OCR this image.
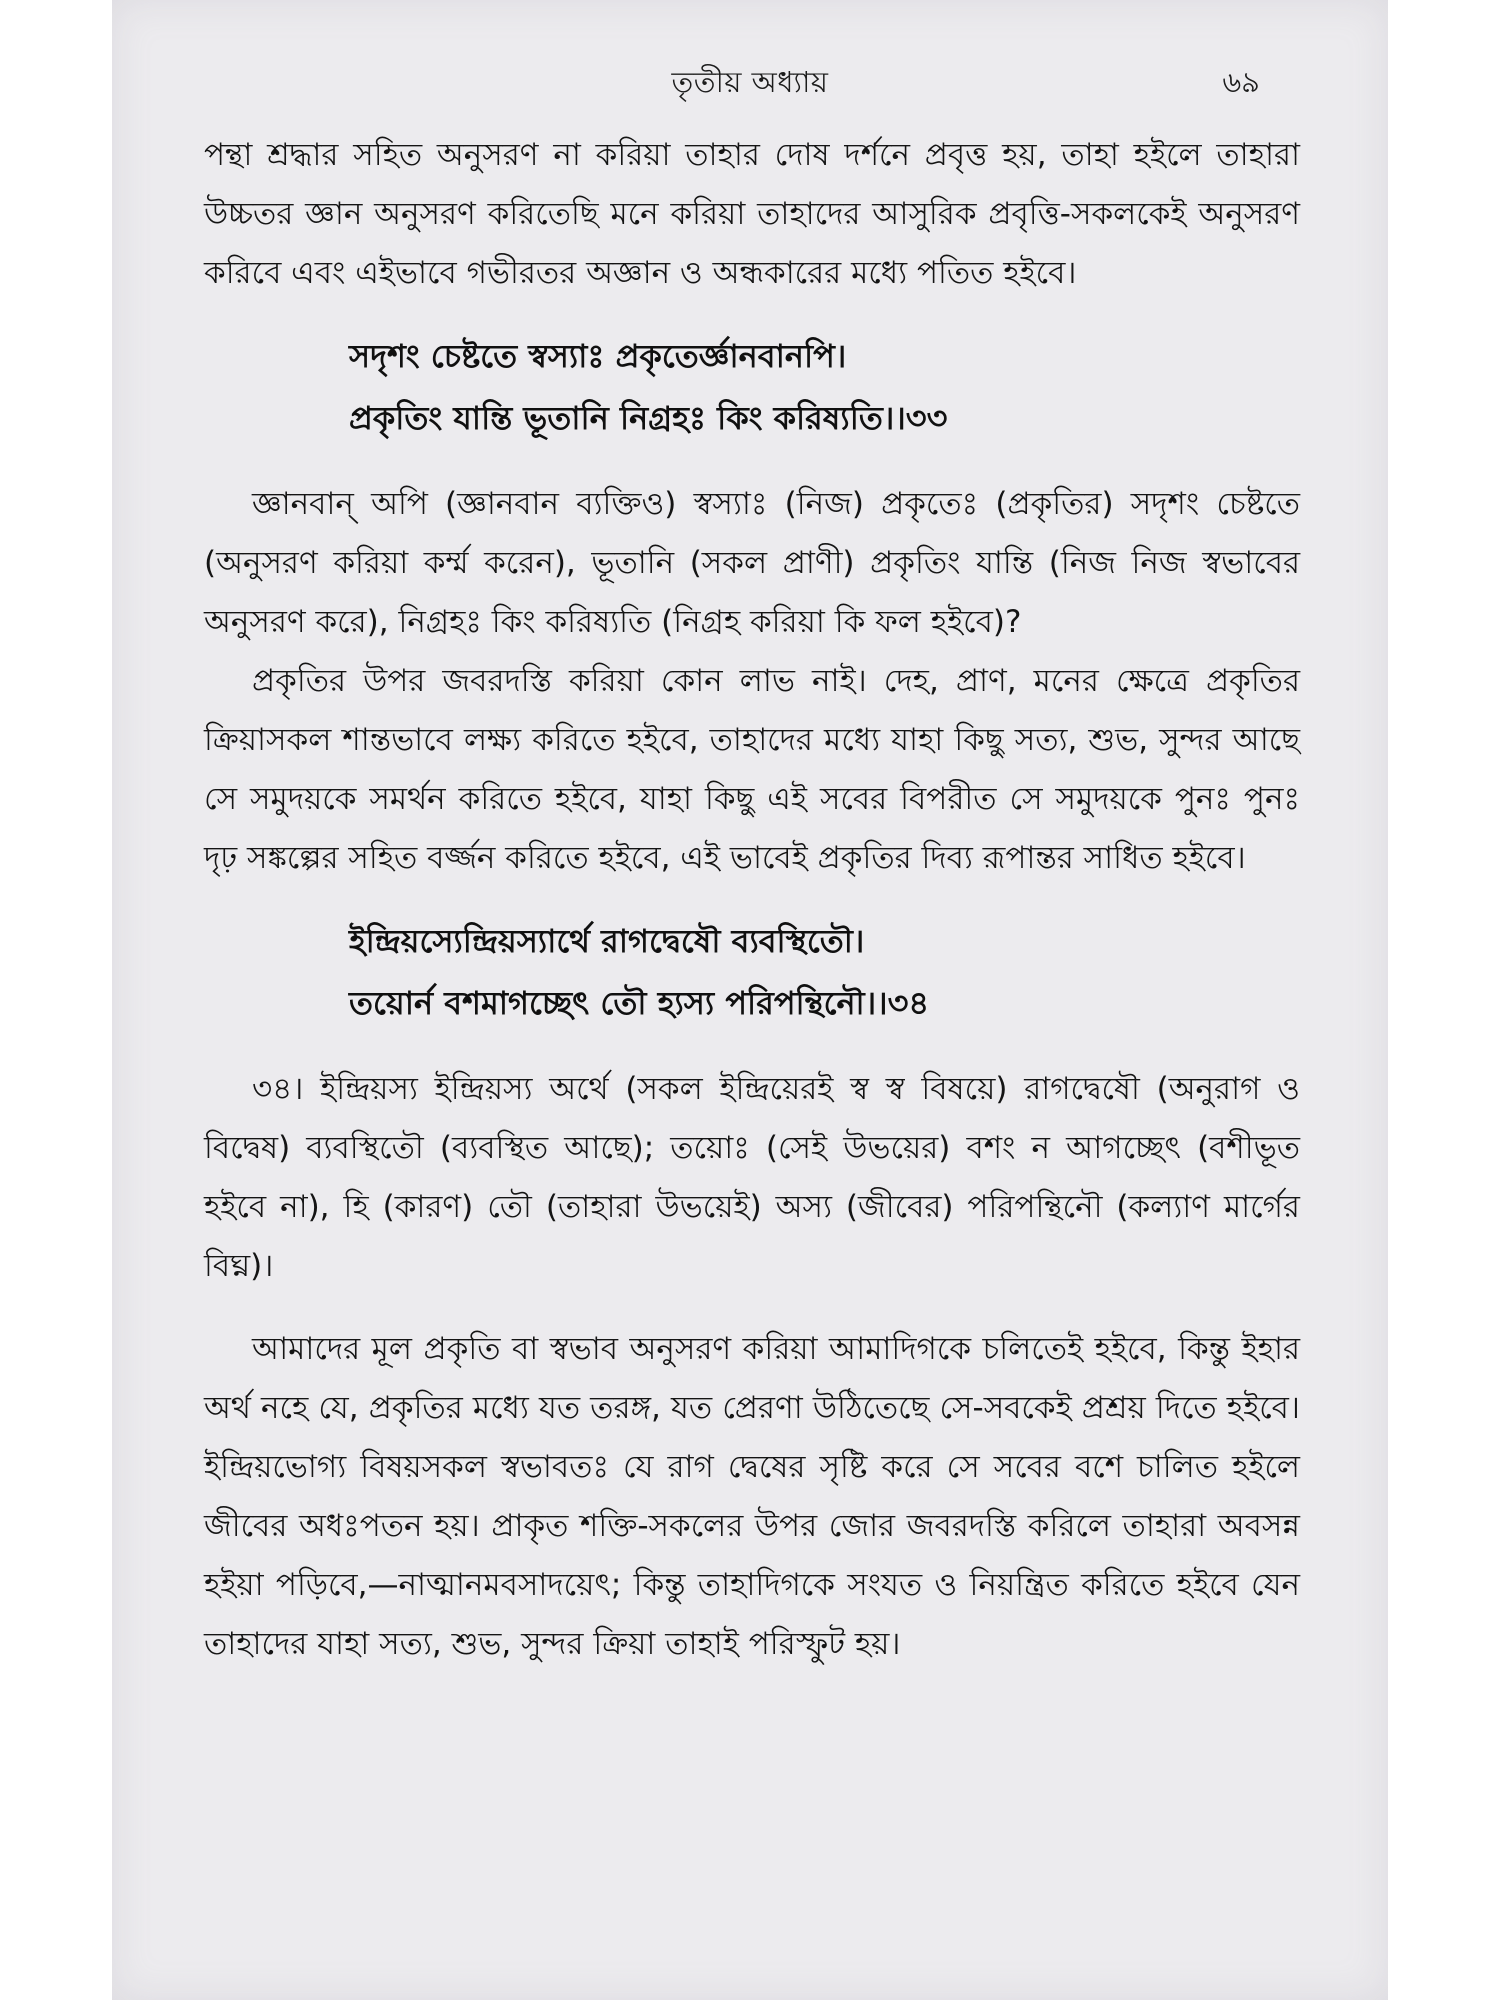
তৃতীয় অধ্যায়	৬৯

পন্থা শ্রদ্ধার সহিত অনুসরণ না করিয়া তাহার দোষ দর্শনে প্রবৃত্ত হয়, তাহা হইলে তাহারা উচ্চতর জ্ঞান অনুসরণ করিতেছি মনে করিয়া তাহাদের আসুরিক প্রবৃত্তি-সকলকেই অনুসরণ করিবে এবং এইভাবে গভীরতর অজ্ঞান ও অন্ধকারের মধ্যে পতিত হইবে।

সদৃশং চেষ্টতে স্বস্যাঃ প্রকৃতের্জ্ঞানবানপি।
প্রকৃতিং যান্তি ভূতানি নিগ্রহঃ কিং করিষ্যতি।।৩৩

জ্ঞানবান্ অপি (জ্ঞানবান ব্যক্তিও) স্বস্যাঃ (নিজ) প্রকৃতেঃ (প্রকৃতির) সদৃশং চেষ্টতে (অনুসরণ করিয়া কর্ম্ম করেন), ভূতানি (সকল প্রাণী) প্রকৃতিং যান্তি (নিজ নিজ স্বভাবের অনুসরণ করে), নিগ্রহঃ কিং করিষ্যতি (নিগ্রহ করিয়া কি ফল হইবে)?

প্রকৃতির উপর জবরদস্তি করিয়া কোন লাভ নাই। দেহ, প্রাণ, মনের ক্ষেত্রে প্রকৃতির ক্রিয়াসকল শান্তভাবে লক্ষ্য করিতে হইবে, তাহাদের মধ্যে যাহা কিছু সত্য, শুভ, সুন্দর আছে সে সমুদয়কে সমর্থন করিতে হইবে, যাহা কিছু এই সবের বিপরীত সে সমুদয়কে পুনঃ পুনঃ দৃঢ় সঙ্কল্পের সহিত বর্জ্জন করিতে হইবে, এই ভাবেই প্রকৃতির দিব্য রূপান্তর সাধিত হইবে।

ইন্দ্রিয়স্যেন্দ্রিয়স্যার্থে রাগদ্বেষৌ ব্যবস্থিতৌ।
তয়োর্ন বশমাগচ্ছেৎ তৌ হ্যস্য পরিপন্থিনৌ।।৩৪

৩৪। ইন্দ্রিয়স্য ইন্দ্রিয়স্য অর্থে (সকল ইন্দ্রিয়েরই স্ব স্ব বিষয়ে) রাগদ্বেষৌ (অনুরাগ ও বিদ্বেষ) ব্যবস্থিতৌ (ব্যবস্থিত আছে); তয়োঃ (সেই উভয়ের) বশং ন আগচ্ছেৎ (বশীভূত হইবে না), হি (কারণ) তৌ (তাহারা উভয়েই) অস্য (জীবের) পরিপন্থিনৌ (কল্যাণ মার্গের বিঘ্ন)।

আমাদের মূল প্রকৃতি বা স্বভাব অনুসরণ করিয়া আমাদিগকে চলিতেই হইবে, কিন্তু ইহার অর্থ নহে যে, প্রকৃতির মধ্যে যত তরঙ্গ, যত প্রেরণা উঠিতেছে সে-সবকেই প্রশ্রয় দিতে হইবে। ইন্দ্রিয়ভোগ্য বিষয়সকল স্বভাবতঃ যে রাগ দ্বেষের সৃষ্টি করে সে সবের বশে চালিত হইলে জীবের অধঃপতন হয়। প্রাকৃত শক্তি-সকলের উপর জোর জবরদস্তি করিলে তাহারা অবসন্ন হইয়া পড়িবে,—নাত্মানমবসাদয়েৎ; কিন্তু তাহাদিগকে সংযত ও নিয়ন্ত্রিত করিতে হইবে যেন তাহাদের যাহা সত্য, শুভ, সুন্দর ক্রিয়া তাহাই পরিস্ফুট হয়।
